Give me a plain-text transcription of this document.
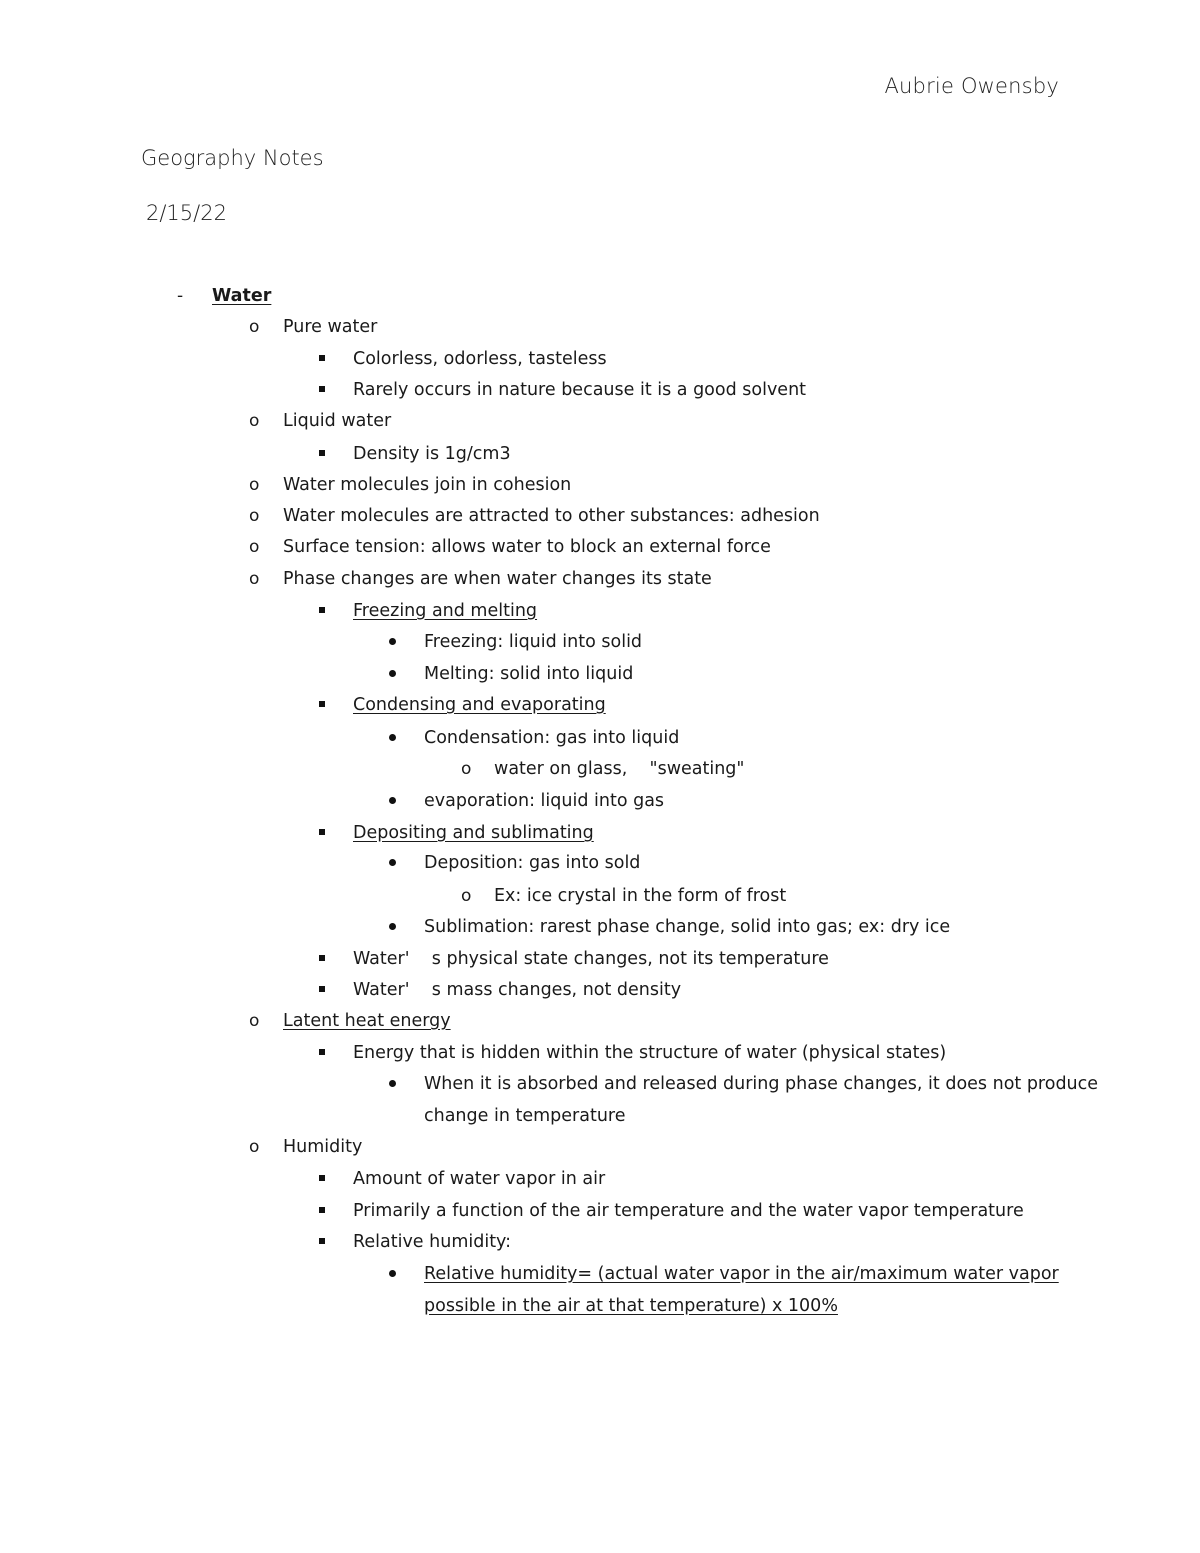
Aubrie Owensby
Geography Notes
2/15/22
- Water
o Pure water
Colorless, odorless, tasteless
Rarely occurs in nature because it is a good solvent
o Liquid water
Density is 1g/cm3
o Water molecules join in cohesion
o Water molecules are attracted to other substances: adhesion
o Surface tension: allows water to block an external force
o Phase changes are when water changes its state
Freezing and melting
Freezing: liquid into solid
Melting: solid into liquid
Condensing and evaporating
Condensation: gas into liquid
o water on glass,    "sweating"
evaporation: liquid into gas
Depositing and sublimating
Deposition: gas into sold
o Ex: ice crystal in the form of frost
Sublimation: rarest phase change, solid into gas; ex: dry ice
Water'    s physical state changes, not its temperature
Water'    s mass changes, not density
o Latent heat energy
Energy that is hidden within the structure of water (physical states)
When it is absorbed and released during phase changes, it does not produce
change in temperature
o Humidity
Amount of water vapor in air
Primarily a function of the air temperature and the water vapor temperature
Relative humidity:
Relative humidity= (actual water vapor in the air/maximum water vapor
possible in the air at that temperature) x 100%
